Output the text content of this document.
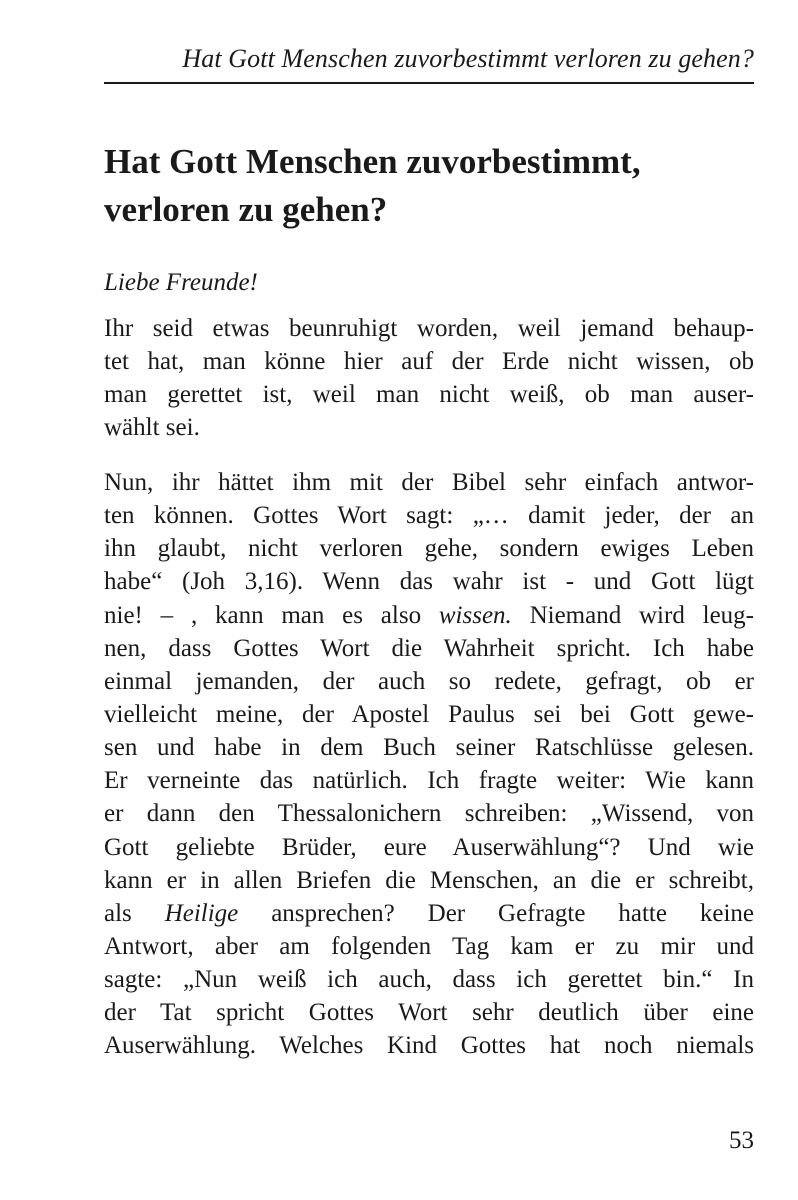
Hat Gott Menschen zuvorbestimmt verloren zu gehen?
Hat Gott Menschen zuvorbestimmt,
verloren zu gehen?
Liebe Freunde!
Ihr seid etwas beunruhigt worden, weil jemand behaup-
tet hat, man könne hier auf der Erde nicht wissen, ob
man gerettet ist, weil man nicht weiß, ob man auser-
wählt sei.
Nun, ihr hättet ihm mit der Bibel sehr einfach antwor-
ten können. Gottes Wort sagt: „… damit jeder, der an
ihn glaubt, nicht verloren gehe, sondern ewiges Leben
habe“ (Joh 3,16). Wenn das wahr ist - und Gott lügt
nie! – , kann man es also wissen. Niemand wird leug-
nen, dass Gottes Wort die Wahrheit spricht. Ich habe
einmal jemanden, der auch so redete, gefragt, ob er
vielleicht meine, der Apostel Paulus sei bei Gott gewe-
sen und habe in dem Buch seiner Ratschlüsse gelesen.
Er verneinte das natürlich. Ich fragte weiter: Wie kann
er dann den Thessalonichern schreiben: „Wissend, von
Gott geliebte Brüder, eure Auserwählung“? Und wie
kann er in allen Briefen die Menschen, an die er schreibt,
als Heilige ansprechen? Der Gefragte hatte keine
Antwort, aber am folgenden Tag kam er zu mir und
sagte: „Nun weiß ich auch, dass ich gerettet bin.“ In
der Tat spricht Gottes Wort sehr deutlich über eine
Auserwählung. Welches Kind Gottes hat noch niemals
53
